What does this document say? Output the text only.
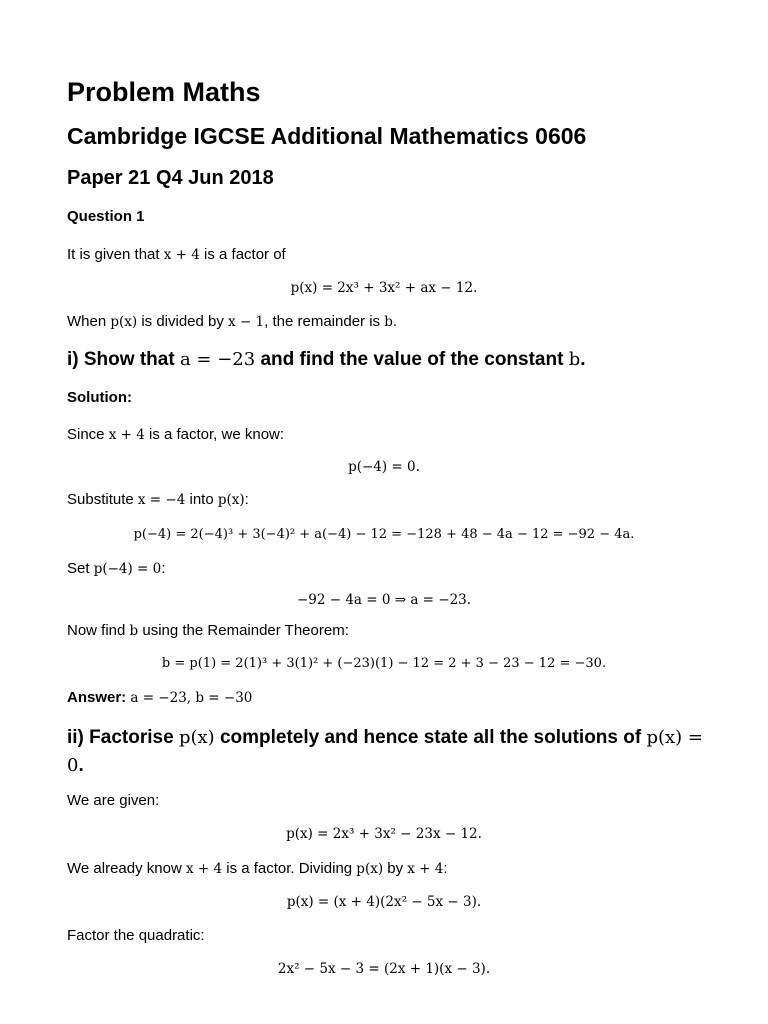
Problem Maths
Cambridge IGCSE Additional Mathematics 0606
Paper 21 Q4 Jun 2018
Question 1
It is given that x + 4 is a factor of
p(x) = 2x³ + 3x² + ax − 12.
When p(x) is divided by x − 1, the remainder is b.
i) Show that a = −23 and find the value of the constant b.
Solution:
Since x + 4 is a factor, we know:
p(−4) = 0.
Substitute x = −4 into p(x):
p(−4) = 2(−4)³ + 3(−4)² + a(−4) − 12 = −128 + 48 − 4a − 12 = −92 − 4a.
Set p(−4) = 0:
−92 − 4a = 0 ⇒ a = −23.
Now find b using the Remainder Theorem:
b = p(1) = 2(1)³ + 3(1)² + (−23)(1) − 12 = 2 + 3 − 23 − 12 = −30.
Answer: a = −23, b = −30
ii) Factorise p(x) completely and hence state all the solutions of p(x) = 0.
We are given:
p(x) = 2x³ + 3x² − 23x − 12.
We already know x + 4 is a factor. Dividing p(x) by x + 4:
p(x) = (x + 4)(2x² − 5x − 3).
Factor the quadratic:
2x² − 5x − 3 = (2x + 1)(x − 3).
